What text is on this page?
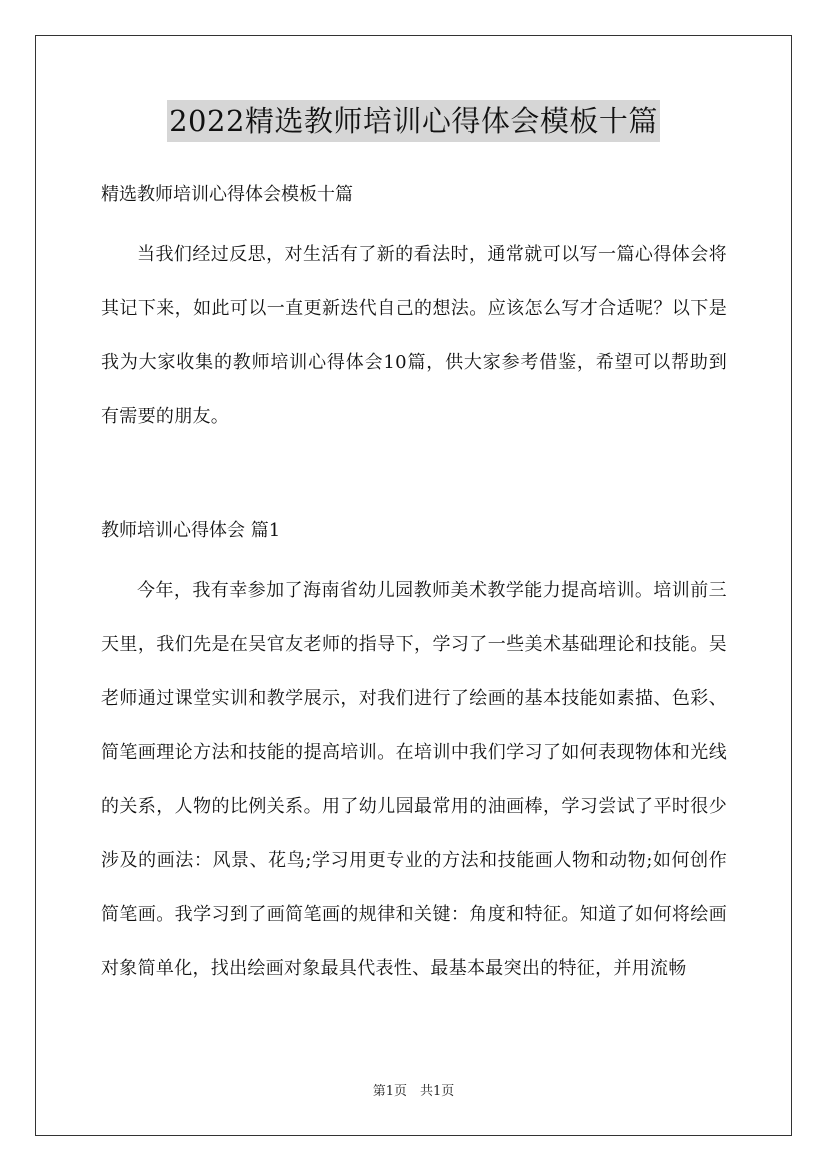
2022精选教师培训心得体会模板十篇

精选教师培训心得体会模板十篇

当我们经过反思，对生活有了新的看法时，通常就可以写一篇心得体会将其记下来，如此可以一直更新迭代自己的想法。应该怎么写才合适呢？以下是我为大家收集的教师培训心得体会10篇，供大家参考借鉴，希望可以帮助到有需要的朋友。

教师培训心得体会 篇1

今年，我有幸参加了海南省幼儿园教师美术教学能力提高培训。培训前三天里，我们先是在吴官友老师的指导下，学习了一些美术基础理论和技能。吴老师通过课堂实训和教学展示，对我们进行了绘画的基本技能如素描、色彩、简笔画理论方法和技能的提高培训。在培训中我们学习了如何表现物体和光线的关系，人物的比例关系。用了幼儿园最常用的油画棒，学习尝试了平时很少涉及的画法：风景、花鸟;学习用更专业的方法和技能画人物和动物;如何创作简笔画。我学习到了画简笔画的规律和关键：角度和特征。知道了如何将绘画对象简单化，找出绘画对象最具代表性、最基本最突出的特征，并用流畅

第1页　共1页
